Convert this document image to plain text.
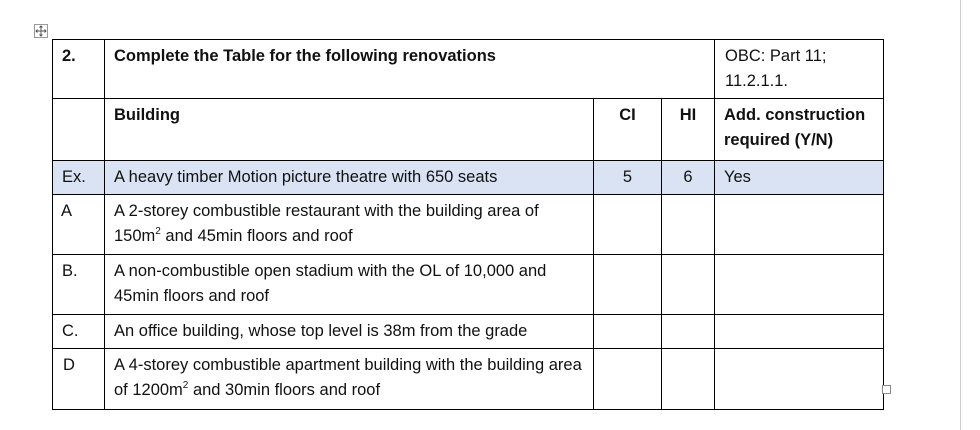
2.	Complete the Table for the following renovations			OBC: Part 11; 11.2.1.1.
	Building	CI	HI	Add. construction required (Y/N)
Ex.	A heavy timber Motion picture theatre with 650 seats	5	6	Yes
A	A 2-storey combustible restaurant with the building area of $150m^2$ and 45min floors and roof			
B.	A non-combustible open stadium with the OL of 10,000 and 45min floors and roof			
C.	An office building, whose top level is 38m from the grade			
D	A 4-storey combustible apartment building with the building area of $1200m^2$ and 30min floors and roof			
